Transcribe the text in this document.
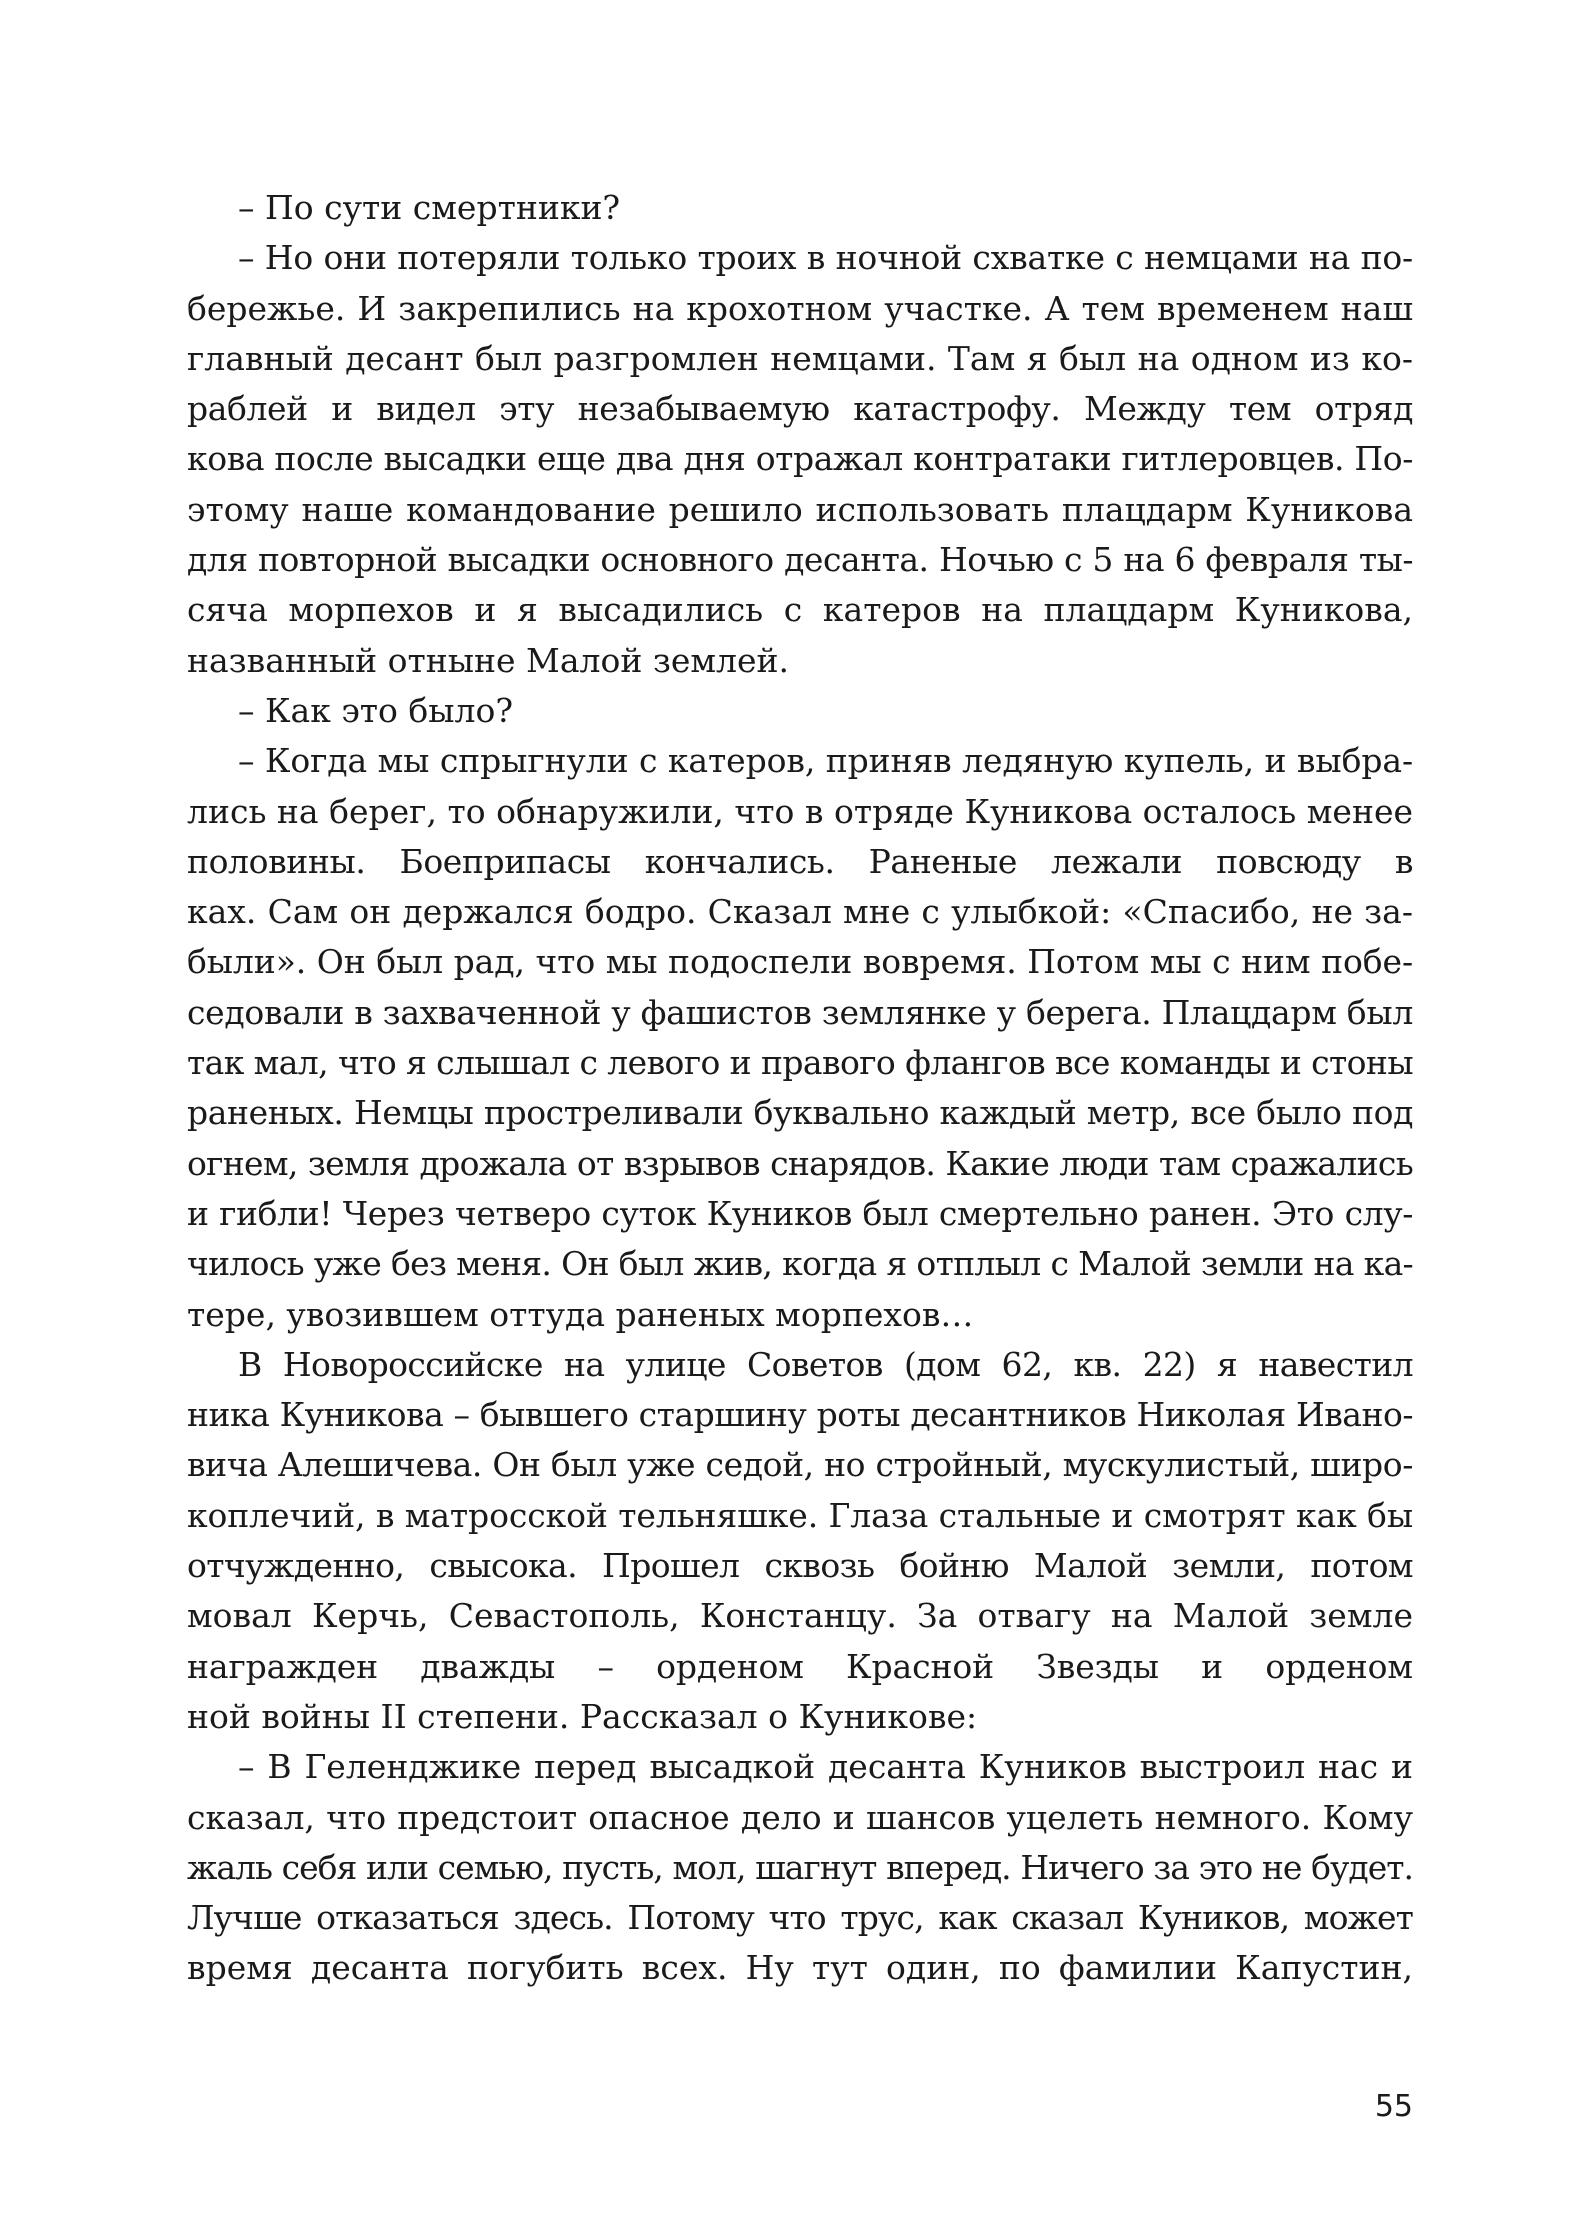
– По сути смертники?
– Но они потеряли только троих в ночной схватке с немцами на по-
бережье. И закрепились на крохотном участке. А тем временем наш
главный десант был разгромлен немцами. Там я был на одном из ко-
раблей и видел эту незабываемую катастрофу. Между тем отряд
кова после высадки еще два дня отражал контратаки гитлеровцев. По-
этому наше командование решило использовать плацдарм Куникова
для повторной высадки основного десанта. Ночью с 5 на 6 февраля ты-
сяча морпехов и я высадились с катеров на плацдарм Куникова,
названный отныне Малой землей.
– Как это было?
– Когда мы спрыгнули с катеров, приняв ледяную купель, и выбра-
лись на берег, то обнаружили, что в отряде Куникова осталось менее
половины. Боеприпасы кончались. Раненые лежали повсюду в
ках. Сам он держался бодро. Сказал мне с улыбкой: «Спасибо, не за-
были». Он был рад, что мы подоспели вовремя. Потом мы с ним побе-
седовали в захваченной у фашистов землянке у берега. Плацдарм был
так мал, что я слышал с левого и правого флангов все команды и стоны
раненых. Немцы простреливали буквально каждый метр, все было под
огнем, земля дрожала от взрывов снарядов. Какие люди там сражались
и гибли! Через четверо суток Куников был смертельно ранен. Это слу-
чилось уже без меня. Он был жив, когда я отплыл с Малой земли на ка-
тере, увозившем оттуда раненых морпехов…
В Новороссийске на улице Советов (дом 62, кв. 22) я навестил
ника Куникова – бывшего старшину роты десантников Николая Ивано-
вича Алешичева. Он был уже седой, но стройный, мускулистый, широ-
коплечий, в матросской тельняшке. Глаза стальные и смотрят как бы
отчужденно, свысока. Прошел сквозь бойню Малой земли, потом
мовал Керчь, Севастополь, Констанцу. За отвагу на Малой земле
награжден дважды – орденом Красной Звезды и орденом
ной войны II степени. Рассказал о Куникове:
– В Геленджике перед высадкой десанта Куников выстроил нас и
сказал, что предстоит опасное дело и шансов уцелеть немного. Кому
жаль себя или семью, пусть, мол, шагнут вперед. Ничего за это не будет.
Лучше отказаться здесь. Потому что трус, как сказал Куников, может
время десанта погубить всех. Ну тут один, по фамилии Капустин,
55
